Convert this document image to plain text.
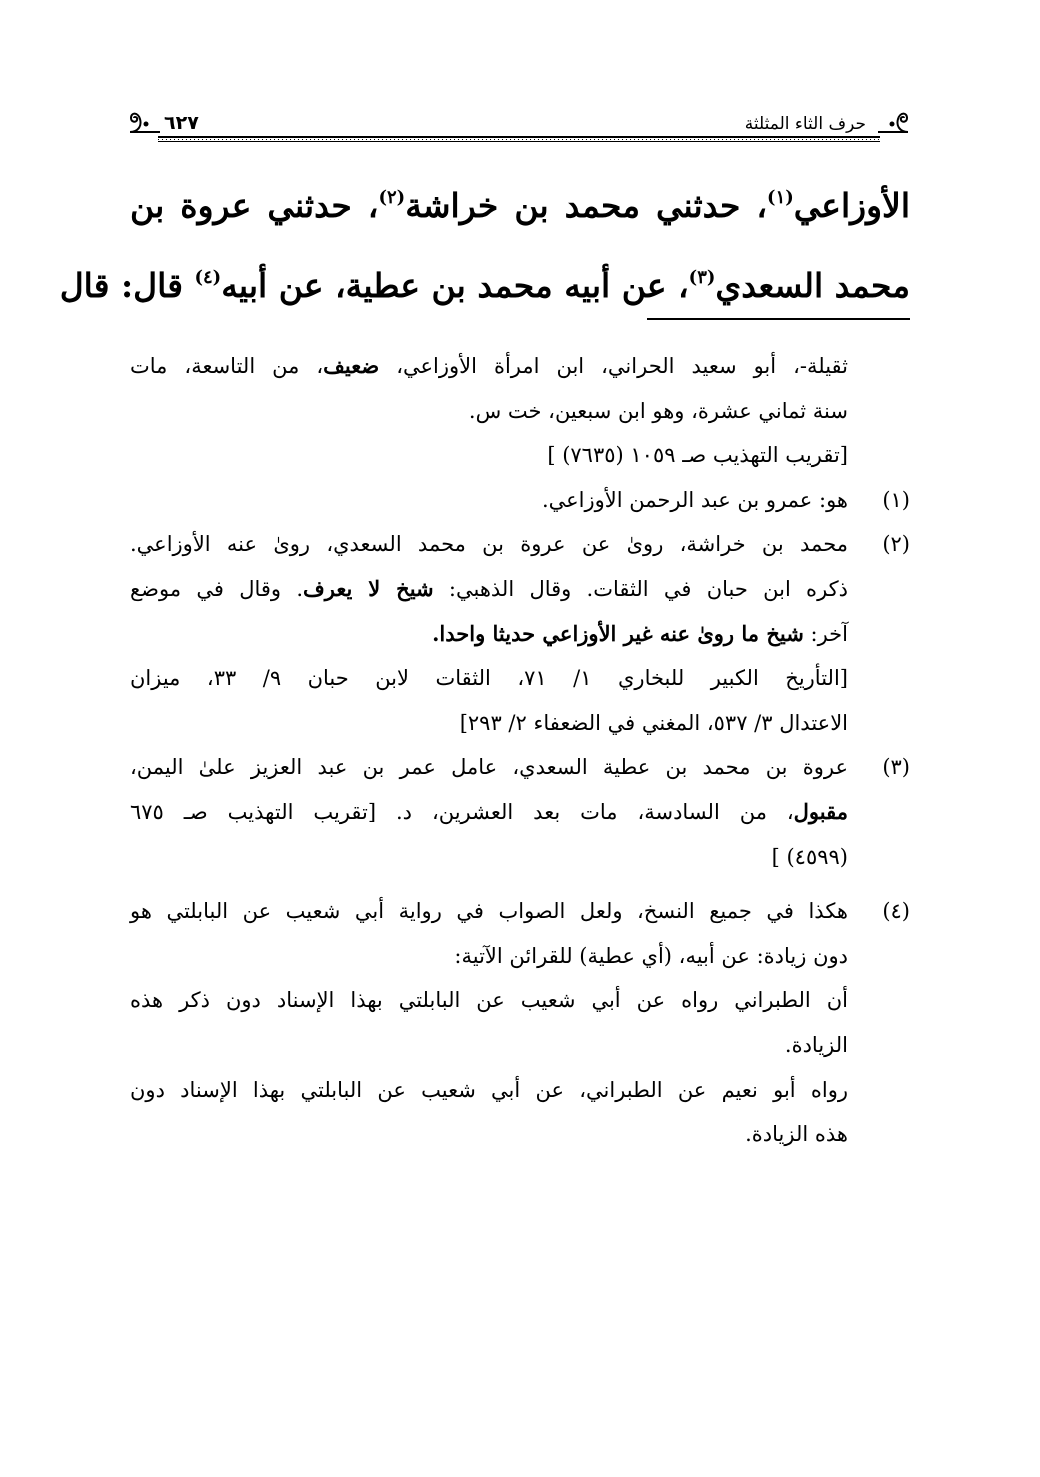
حرف الثاء المثلثة
٦٢٧
الأوزاعي$^{(١)}$، حدثني محمد بن خراشة$^{(٢)}$، حدثني عروة بن
محمد السعدي$^{(٣)}$، عن أبيه محمد بن عطية، عن أبيه$^{(٤)}$ قال: قال
ثقيلة-، أبو سعيد الحراني، ابن امرأة الأوزاعي، ضعيف، من التاسعة، مات
سنة ثماني عشرة، وهو ابن سبعين، خت س.
[تقريب التهذيب صـ ١٠٥٩ (٧٦٣٥) ]
(١)
هو: عمرو بن عبد الرحمن الأوزاعي.
(٢)
محمد بن خراشة، روىٰ عن عروة بن محمد السعدي، روىٰ عنه الأوزاعي.
ذكره ابن حبان في الثقات. وقال الذهبي: شيخ لا يعرف. وقال في موضع
آخر: شيخ ما روىٰ عنه غير الأوزاعي حديثا واحدا.
[التأريخ الكبير للبخاري ١/ ٧١، الثقات لابن حبان ٩/ ٣٣، ميزان
الاعتدال ٣/ ٥٣٧، المغني في الضعفاء ٢/ ٢٩٣]
(٣)
عروة بن محمد بن عطية السعدي، عامل عمر بن عبد العزيز علىٰ اليمن،
مقبول، من السادسة، مات بعد العشرين، د. [تقريب التهذيب صـ ٦٧٥
(٤٥٩٩) ]
(٤)
هكذا في جميع النسخ، ولعل الصواب في رواية أبي شعيب عن البابلتي هو
دون زيادة: عن أبيه، (أي عطية) للقرائن الآتية:
أن الطبراني رواه عن أبي شعيب عن البابلتي بهذا الإسناد دون ذكر هذه
الزيادة.
رواه أبو نعيم عن الطبراني، عن أبي شعيب عن البابلتي بهذا الإسناد دون
هذه الزيادة.
